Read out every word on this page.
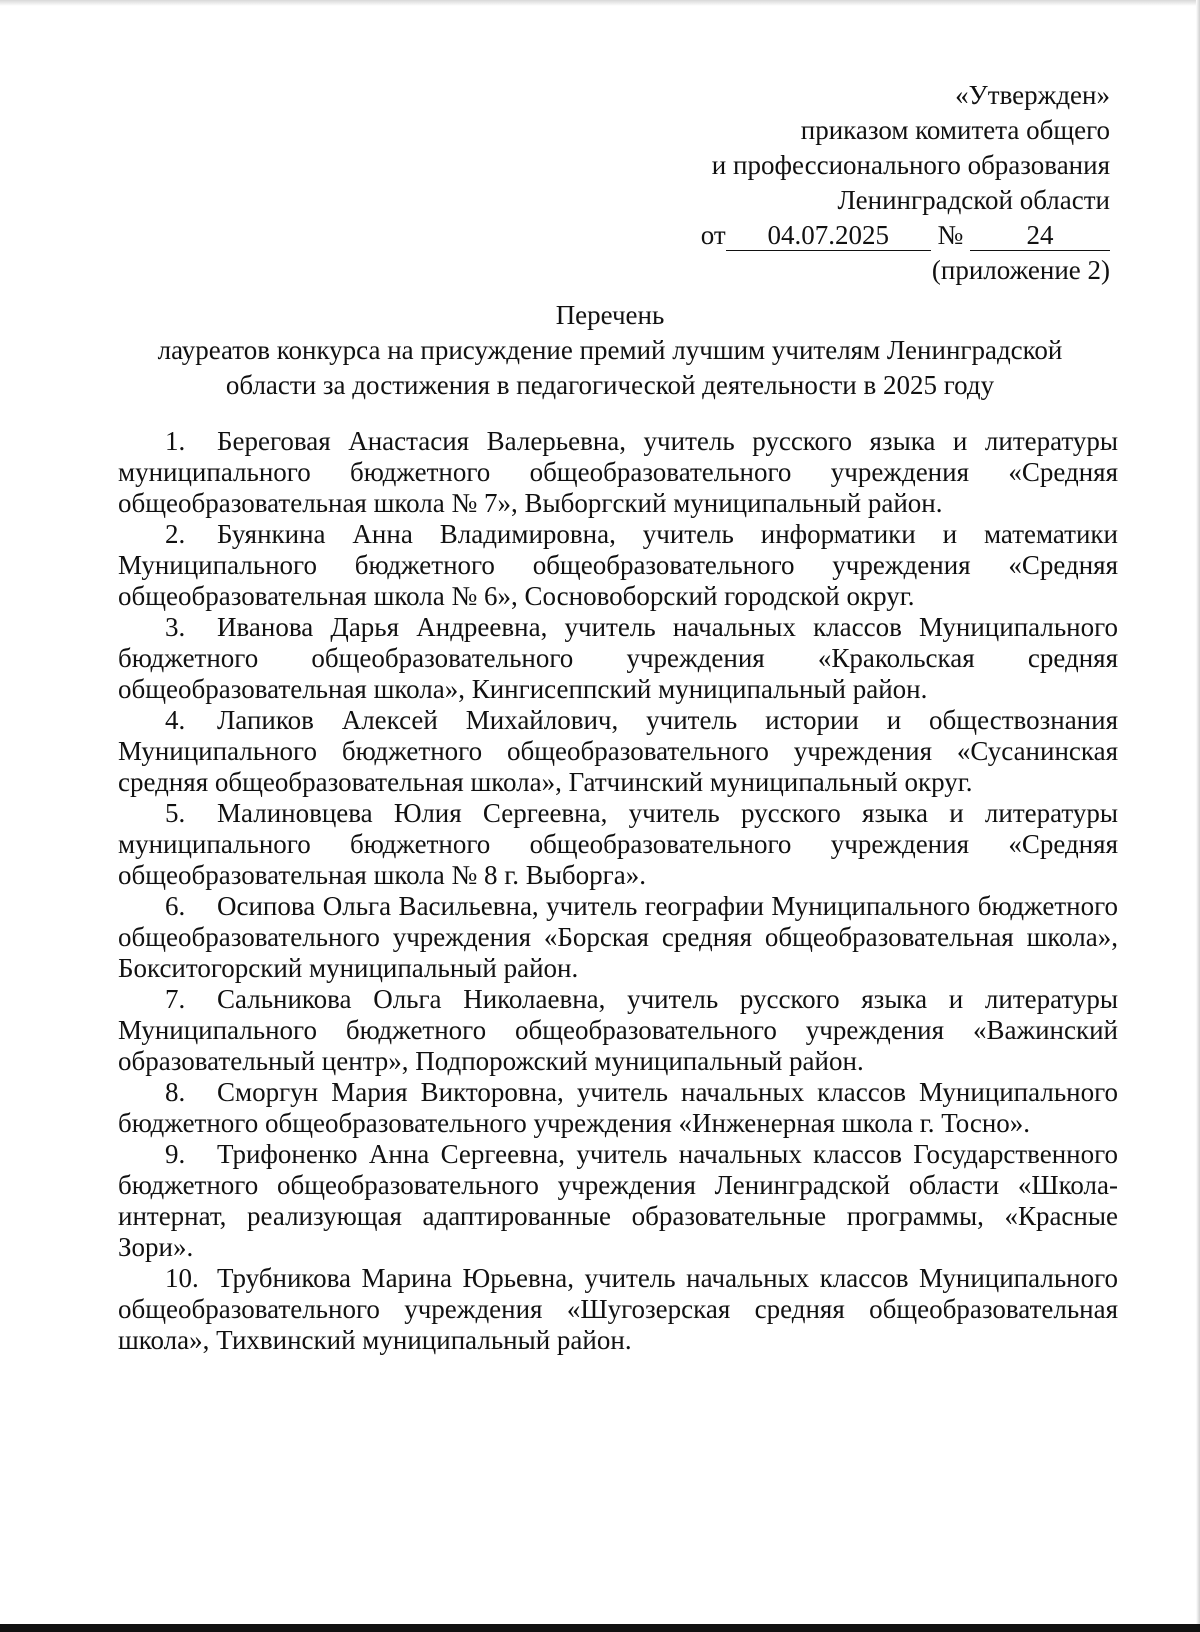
«Утвержден»
приказом комитета общего
и профессионального образования
Ленинградской области
от 04.07.2025 № 24
(приложение 2)
Перечень
лауреатов конкурса на присуждение премий лучшим учителям Ленинградской
области за достижения в педагогической деятельности в 2025 году
1. Береговая Анастасия Валерьевна, учитель русского языка и литературы муниципального бюджетного общеобразовательного учреждения «Средняя общеобразовательная школа № 7», Выборгский муниципальный район.
2. Буянкина Анна Владимировна, учитель информатики и математики Муниципального бюджетного общеобразовательного учреждения «Средняя общеобразовательная школа № 6», Сосновоборский городской округ.
3. Иванова Дарья Андреевна, учитель начальных классов Муниципального бюджетного общеобразовательного учреждения «Кракольская средняя общеобразовательная школа», Кингисеппский муниципальный район.
4. Лапиков Алексей Михайлович, учитель истории и обществознания Муниципального бюджетного общеобразовательного учреждения «Сусанинская средняя общеобразовательная школа», Гатчинский муниципальный округ.
5. Малиновцева Юлия Сергеевна, учитель русского языка и литературы муниципального бюджетного общеобразовательного учреждения «Средняя общеобразовательная школа № 8 г. Выборга».
6. Осипова Ольга Васильевна, учитель географии Муниципального бюджетного общеобразовательного учреждения «Борская средняя общеобразовательная школа», Бокситогорский муниципальный район.
7. Сальникова Ольга Николаевна, учитель русского языка и литературы Муниципального бюджетного общеобразовательного учреждения «Важинский образовательный центр», Подпорожский муниципальный район.
8. Сморгун Мария Викторовна, учитель начальных классов Муниципального бюджетного общеобразовательного учреждения «Инженерная школа г. Тосно».
9. Трифоненко Анна Сергеевна, учитель начальных классов Государственного бюджетного общеобразовательного учреждения Ленинградской области «Школа-интернат, реализующая адаптированные образовательные программы, «Красные Зори».
10. Трубникова Марина Юрьевна, учитель начальных классов Муниципального общеобразовательного учреждения «Шугозерская средняя общеобразовательная школа», Тихвинский муниципальный район.
